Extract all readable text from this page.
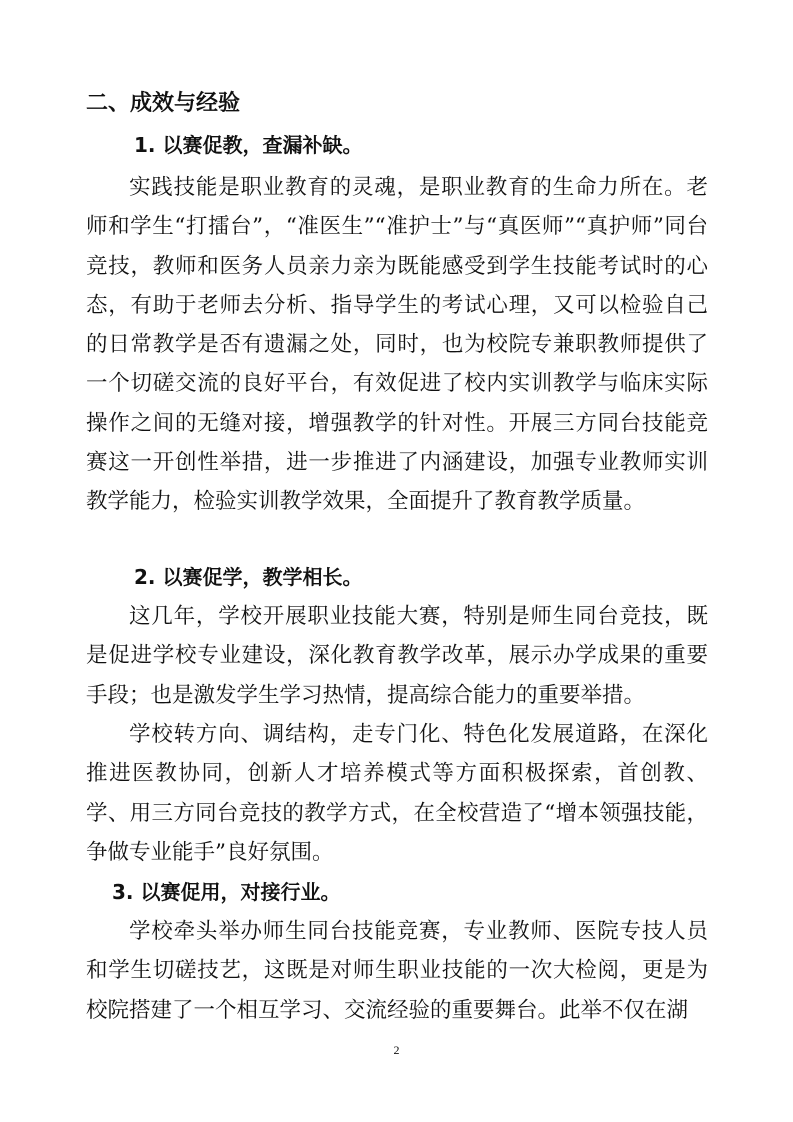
二、成效与经验
1. 以赛促教，查漏补缺。

实践技能是职业教育的灵魂，是职业教育的生命力所在。老师和学生“打擂台”，“准医生”“准护士”与“真医师”“真护师”同台竞技，教师和医务人员亲力亲为既能感受到学生技能考试时的心态，有助于老师去分析、指导学生的考试心理，又可以检验自己的日常教学是否有遗漏之处，同时，也为校院专兼职教师提供了一个切磋交流的良好平台，有效促进了校内实训教学与临床实际操作之间的无缝对接，增强教学的针对性。开展三方同台技能竞赛这一开创性举措，进一步推进了内涵建设，加强专业教师实训教学能力，检验实训教学效果，全面提升了教育教学质量。

2. 以赛促学，教学相长。

这几年，学校开展职业技能大赛，特别是师生同台竞技，既是促进学校专业建设，深化教育教学改革，展示办学成果的重要手段；也是激发学生学习热情，提高综合能力的重要举措。

学校转方向、调结构，走专门化、特色化发展道路，在深化推进医教协同，创新人才培养模式等方面积极探索，首创教、学、用三方同台竞技的教学方式，在全校营造了“增本领强技能，争做专业能手”良好氛围。

3. 以赛促用，对接行业。

学校牵头举办师生同台技能竞赛，专业教师、医院专技人员和学生切磋技艺，这既是对师生职业技能的一次大检阅，更是为校院搭建了一个相互学习、交流经验的重要舞台。此举不仅在湖

2
